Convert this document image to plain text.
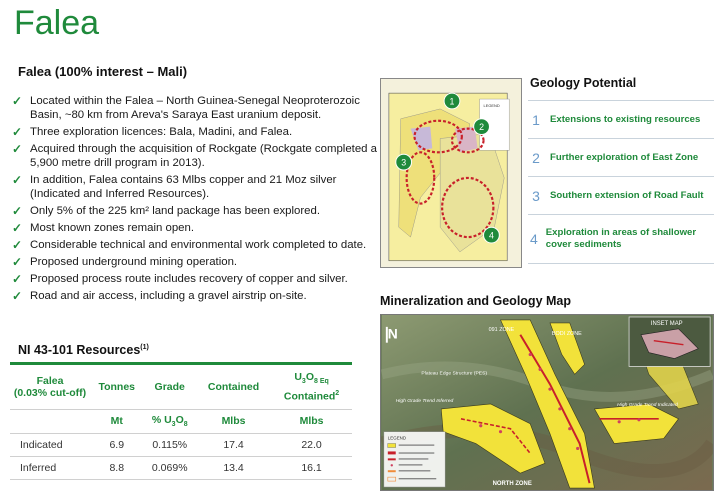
Falea
Falea (100% interest – Mali)
✓ Located within the Falea – North Guinea-Senegal Neoproterozoic Basin, ~80 km from Areva's Saraya East uranium deposit.
✓ Three exploration licences: Bala, Madini, and Falea.
✓ Acquired through the acquisition of Rockgate (Rockgate completed a 5,900 metre drill program in 2013).
✓ In addition, Falea contains 63 Mlbs copper and 21 Moz silver (Indicated and Inferred Resources).
✓ Only 5% of the 225 km² land package has been explored.
✓ Most known zones remain open.
✓ Considerable technical and environmental work completed to date.
✓ Proposed underground mining operation.
✓ Proposed process route includes recovery of copper and silver.
✓ Road and air access, including a gravel airstrip on-site.
NI 43-101 Resources$^{(1)}$
Falea
(0.03% cut-off)	Tonnes	Grade	Contained	$U_3O_{8 Eq}$
Contained$^2$
	Mt	% $U_3O_8$	Mlbs	Mlbs
Indicated	6.9	0.115%	17.4	22.0
Inferred	8.8	0.069%	13.4	16.1
LEGEND
1
2
3
4
Geology Potential
1	Extensions to existing resources
2	Further exploration of East Zone
3	Southern extension of Road Fault
4 Exploration in areas of shallower cover sediments
Mineralization and Geology Map
INSET MAP
N	091 ZONE
BODI ZONE
Plateau Edge Structure (PES)
High Grade Trend Inferred
High Grade Trend Indicated
NORTH ZONE
LEGEND
